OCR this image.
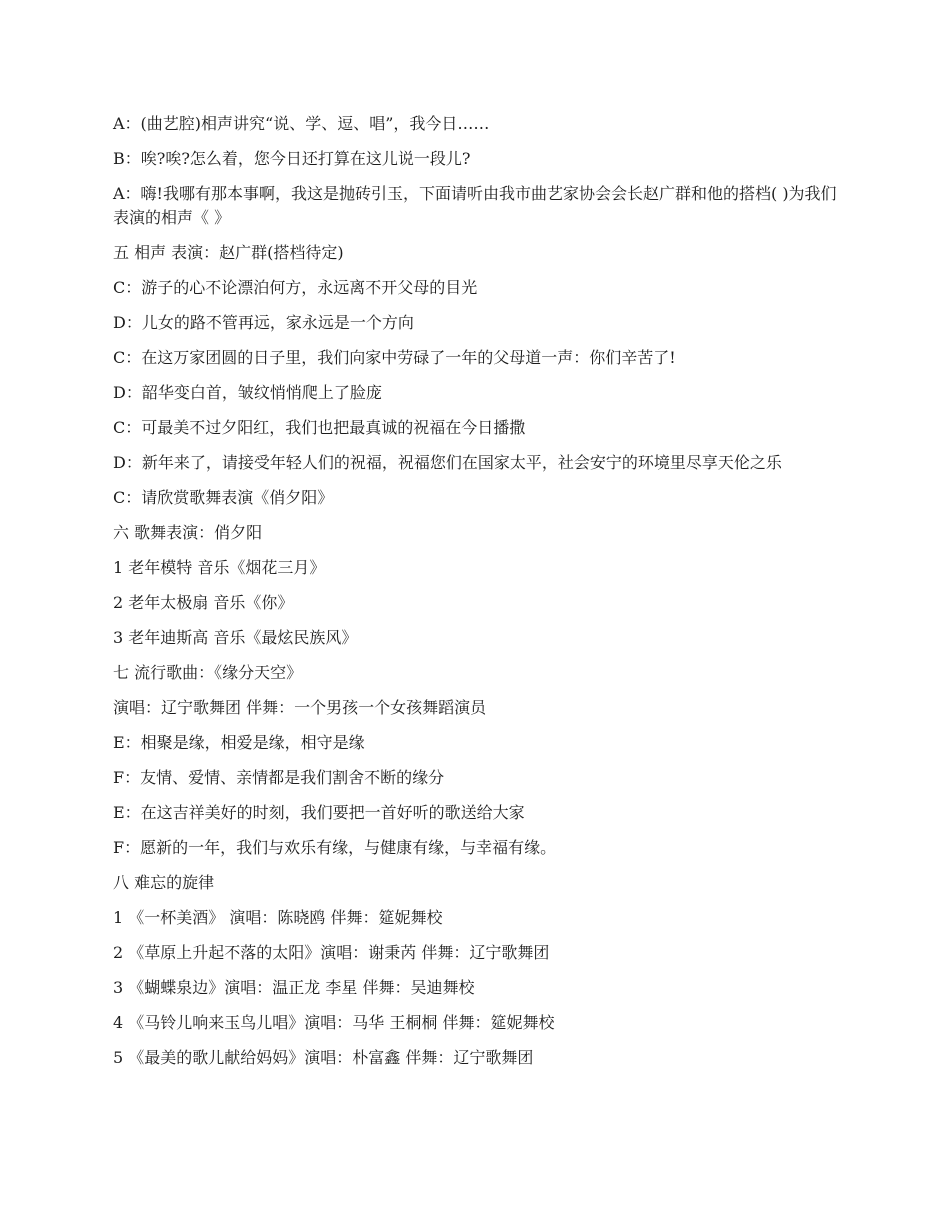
A：(曲艺腔)相声讲究“说、学、逗、唱”，我今日……

B：唉?唉?怎么着，您今日还打算在这儿说一段儿?

A：嗨!我哪有那本事啊，我这是抛砖引玉，下面请听由我市曲艺家协会会长赵广群和他的搭档( )为我们表演的相声《 》

五 相声 表演：赵广群(搭档待定)

C：游子的心不论漂泊何方，永远离不开父母的目光

D：儿女的路不管再远，家永远是一个方向

C：在这万家团圆的日子里，我们向家中劳碌了一年的父母道一声：你们辛苦了!

D：韶华变白首，皱纹悄悄爬上了脸庞

C：可最美不过夕阳红，我们也把最真诚的祝福在今日播撒

D：新年来了，请接受年轻人们的祝福，祝福您们在国家太平，社会安宁的环境里尽享天伦之乐

C：请欣赏歌舞表演《俏夕阳》

六 歌舞表演：俏夕阳

1 老年模特 音乐《烟花三月》

2 老年太极扇 音乐《你》

3 老年迪斯高 音乐《最炫民族风》

七 流行歌曲：《缘分天空》

演唱：辽宁歌舞团 伴舞：一个男孩一个女孩舞蹈演员

E：相聚是缘，相爱是缘，相守是缘

F：友情、爱情、亲情都是我们割舍不断的缘分

E：在这吉祥美好的时刻，我们要把一首好听的歌送给大家

F：愿新的一年，我们与欢乐有缘，与健康有缘，与幸福有缘。

八 难忘的旋律

1 《一杯美酒》 演唱：陈晓鸥 伴舞：筵妮舞校

2 《草原上升起不落的太阳》演唱：谢秉芮 伴舞：辽宁歌舞团

3 《蝴蝶泉边》演唱：温正龙 李星 伴舞：吴迪舞校

4 《马铃儿响来玉鸟儿唱》演唱：马华 王桐桐 伴舞：筵妮舞校

5 《最美的歌儿献给妈妈》演唱：朴富鑫 伴舞：辽宁歌舞团
